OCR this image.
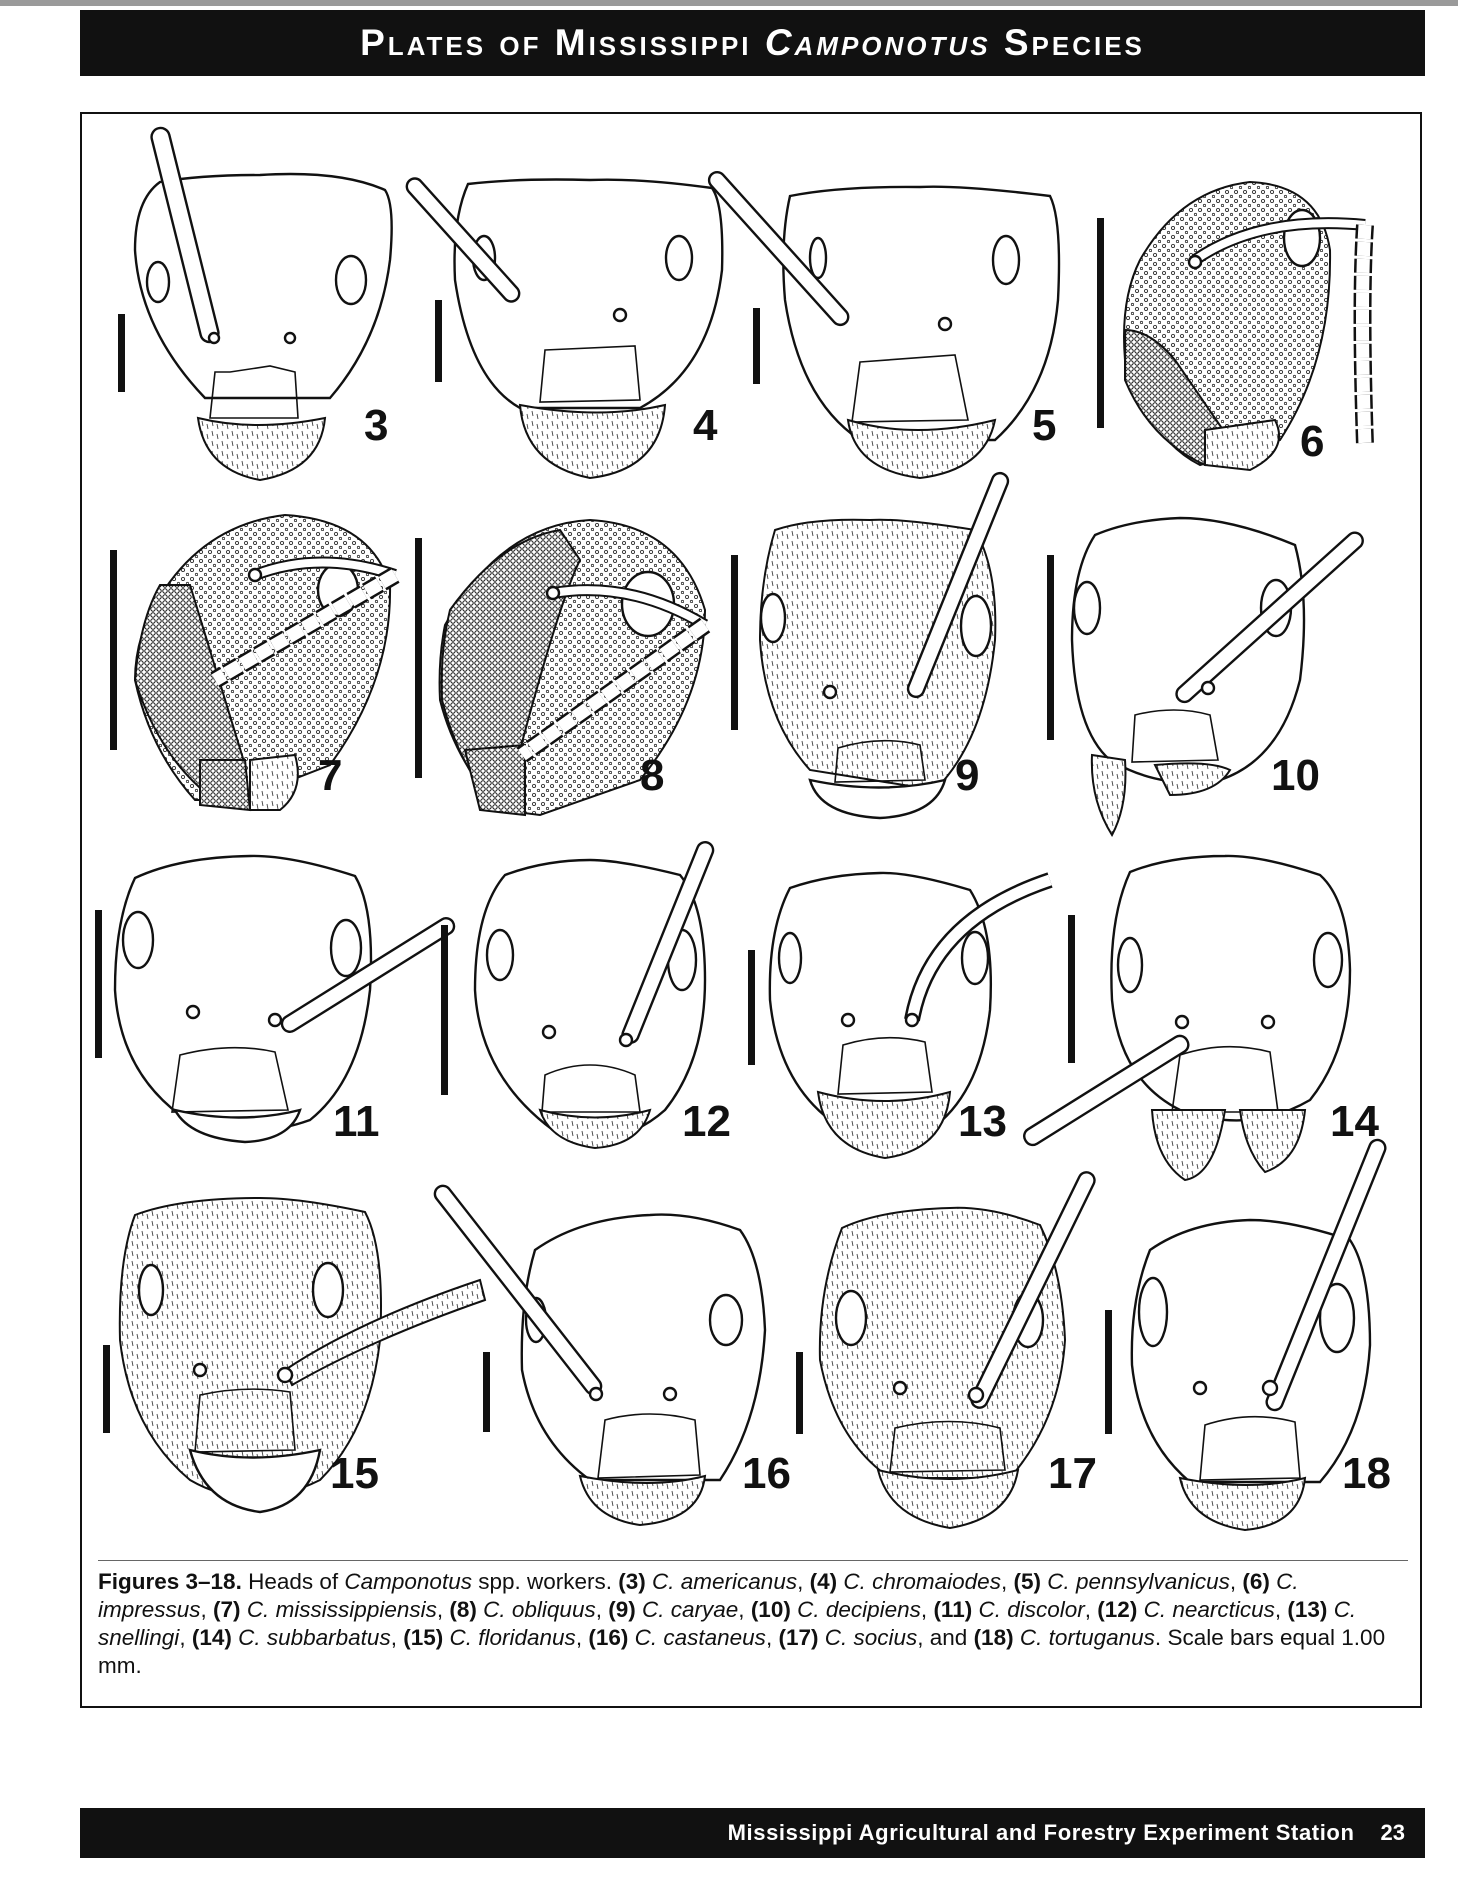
Plates of Mississippi Camponotus Species
3	4	5	6
7	8	9	10
11	12	13	14
15	16	17	18
Figures 3–18. Heads of Camponotus spp. workers. (3) C. americanus, (4) C. chromaiodes, (5) C. pennsylvanicus, (6) C. impressus, (7) C. mississippiensis, (8) C. obliquus, (9) C. caryae, (10) C. decipiens, (11) C. discolor, (12) C. nearcticus, (13) C. snellingi, (14) C. subbarbatus, (15) C. floridanus, (16) C. castaneus, (17) C. socius, and (18) C. tortuganus. Scale bars equal 1.00 mm.
Mississippi Agricultural and Forestry Experiment Station 23
